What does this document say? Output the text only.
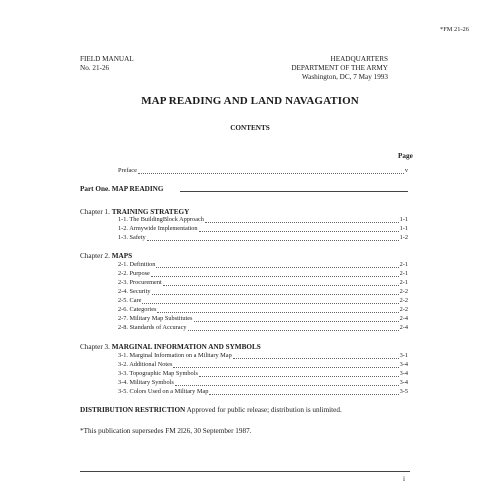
*FM 21-26
FIELD MANUAL
No. 21-26
HEADQUARTERS
DEPARTMENT OF THE ARMY
Washington, DC, 7 May 1993
MAP READING AND LAND NAVAGATION
CONTENTS
Page
Preface	v
Part One. MAP READING
Chapter 1. TRAINING STRATEGY
1-1. The BuildingBlock Approach	1-1
1-2. Armywide Implementation	1-1
1-3. Safety	1-2
Chapter 2. MAPS
2-1. Definition	2-1
2-2. Purpose	2-1
2-3. Procurement	2-1
2-4. Security	2-2
2-5. Care	2-2
2-6. Categories	2-2
2-7. Military Map Substitutes	2-4
2-8. Standards of Accuracy	2-4
Chapter 3. MARGINAL INFORMATION AND SYMBOLS
3-1. Marginal Information on a Military Map	3-1
3-2. Additional Notes	3-4
3-3. Topographic Map Symbols	3-4
3-4. Military Symbols	3-4
3-5. Colors Used on a Military Map	3-5
DISTRIBUTION RESTRICTION Approved for public release; distribution is unlimited.
*This publication supersedes FM 2l26, 30 September 1987.
i
